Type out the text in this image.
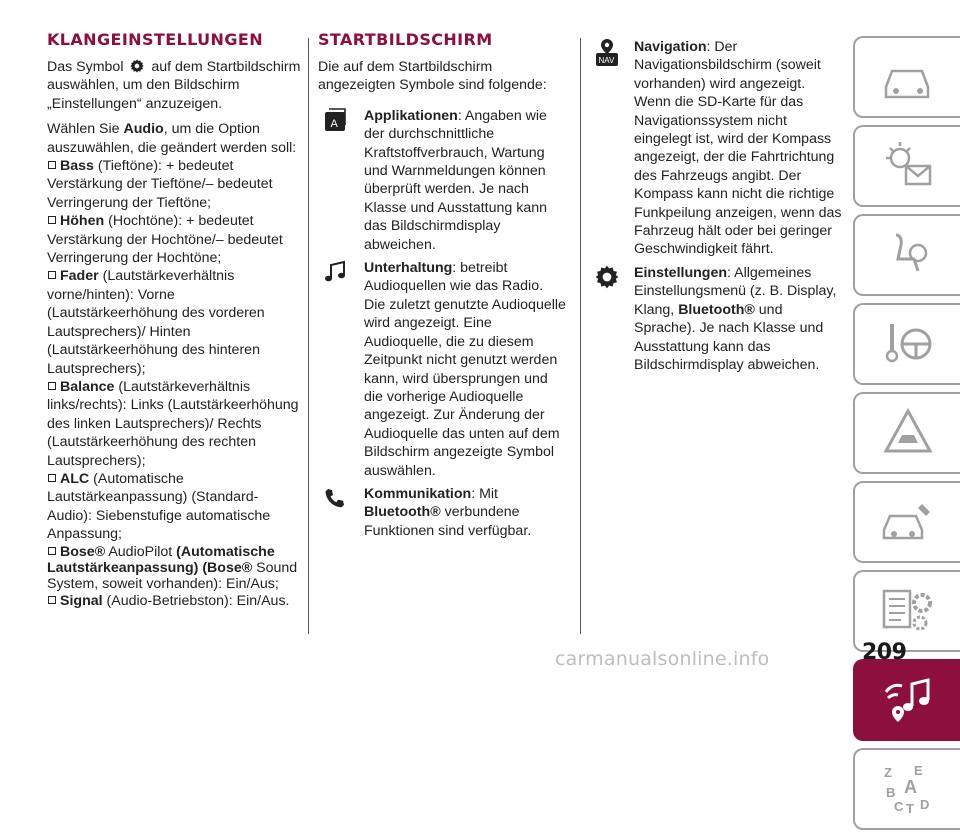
KLANGEINSTELLUNGEN

Das Symbol auf dem Startbildschirm auswählen, um den Bildschirm „Einstellungen“ anzuzeigen.

Wählen Sie Audio, um die Option auszuwählen, die geändert werden soll:

Bass (Tieftöne): + bedeutet Verstärkung der Tieftöne/– bedeutet Verringerung der Tieftöne;

Höhen (Hochtöne): + bedeutet Verstärkung der Hochtöne/– bedeutet Verringerung der Hochtöne;

Fader (Lautstärkeverhältnis vorne/hinten): Vorne (Lautstärkeerhöhung des vorderen Lautsprechers)/ Hinten (Lautstärkeerhöhung des hinteren Lautsprechers);

Balance (Lautstärkeverhältnis links/rechts): Links (Lautstärkeerhöhung des linken Lautsprechers)/ Rechts (Lautstärkeerhöhung des rechten Lautsprechers);

ALC (Automatische Lautstärkeanpassung) (Standard-Audio): Siebenstufige automatische Anpassung;

Bose® AudioPilot (Automatische Lautstärkeanpassung) (Bose® Sound System, soweit vorhanden): Ein/Aus;

Signal (Audio-Betriebston): Ein/Aus.

STARTBILDSCHIRM

Die auf dem Startbildschirm angezeigten Symbole sind folgende:

A Applikationen: Angaben wie der durchschnittliche Kraftstoffverbrauch, Wartung und Warnmeldungen können überprüft werden. Je nach Klasse und Ausstattung kann das Bildschirmdisplay abweichen.
Unterhaltung: betreibt Audioquellen wie das Radio. Die zuletzt genutzte Audioquelle wird angezeigt. Eine Audioquelle, die zu diesem Zeitpunkt nicht genutzt werden kann, wird übersprungen und die vorherige Audioquelle angezeigt. Zur Änderung der Audioquelle das unten auf dem Bildschirm angezeigte Symbol auswählen.
Kommunikation: Mit Bluetooth® verbundene Funktionen sind verfügbar.
NAV
Navigation: Der Navigationsbildschirm (soweit vorhanden) wird angezeigt. Wenn die SD-Karte für das Navigationssystem nicht eingelegt ist, wird der Kompass angezeigt, der die Fahrtrichtung des Fahrzeugs angibt. Der Kompass kann nicht die richtige Funkpeilung anzeigen, wenn das Fahrzeug hält oder bei geringer Geschwindigkeit fährt.
Einstellungen: Allgemeines Einstellungsmenü (z. B. Display, Klang, Bluetooth® und Sprache). Je nach Klasse und Ausstattung kann das Bildschirmdisplay abweichen.
Z E
B A
C T D
carmanualsonline.info	209
